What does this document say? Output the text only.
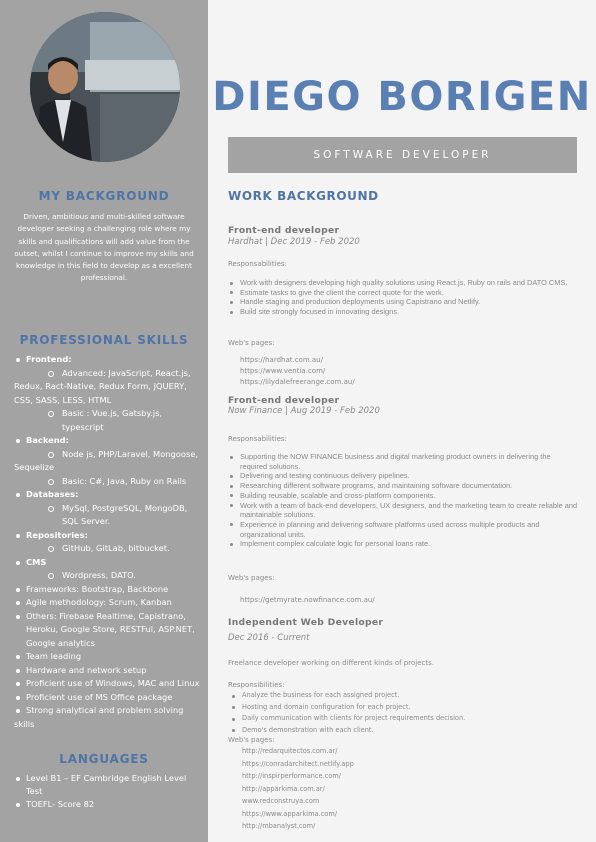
MY BACKGROUND
Driven, ambitious and multi-skilled software developer seeking a challenging role where my skills and qualifications will add value from the outset, whilst I continue to improve my skills and knowledge in this field to develop as a excellent professional.
PROFESSIONAL SKILLS
Frontend:
Advanced: JavaScript, React.js, Redux, Ract-Native, Redux Form, JQUERY, CSS, SASS, LESS, HTML
Basic : Vue.js, Gatsby.js, typescript
Backend:
Node js, PHP/Laravel, Mongoose, Sequelize
Basic: C#, Java, Ruby on Rails
Databases:
MySql, PostgreSQL, MongoDB, SQL Server.
Repositories:
GitHub, GitLab, bitbucket.
CMS
Wordpress, DATO.
Frameworks: Bootstrap, Backbone
Agile methodology: Scrum, Kanban
Others: Firebase Realtime, Capistrano, Heroku, Google Store, RESTFul, ASP.NET, Google analytics
Team leading
Hardware and network setup
Proficient use of Windows, MAC and Linux
Proficient use of MS Office package
Strong analytical and problem solving skills
LANGUAGES
Level B1 – EF Cambridge English Level Test
TOEFL- Score 82
DIEGO BORIGEN
SOFTWARE DEVELOPER
WORK BACKGROUND
Front-end developer
Hardhat | Dec 2019 - Feb 2020
Responsabilities:
Work with designers developing high quality solutions using React.js, Ruby on rails and DATO CMS.
Estimate tasks to give the client the correct quote for the work.
Handle staging and production deployments using Capistrano and Netlify.
Build site strongly focused in innovating designs.
Web's pages:
https://hardhat.com.au/
https://www.ventia.com/
https://lilydalefreerange.com.au/
Front-end developer
Now Finance | Aug 2019 - Feb 2020
Responsabilities:
Supporting the NOW FINANCE business and digital marketing product owners in delivering the required solutions.
Delivering and testing continuous delivery pipelines.
Researching different software programs, and maintaining software documentation.
Building reusable, scalable and cross-platform components.
Work with a team of back-end developers, UX designers, and the marketing team to create reliable and maintainable solutions.
Experience in planning and delivering software platforms used across multiple products and organizational units.
Implement complex calculate logic for personal loans rate.
Web's pages:
https://getmyrate.nowfinance.com.au/
Independent Web Developer
Dec 2016 - Current
Freelance developer working on different kinds of projects.
Responsibilities:
Analyze the business for each assigned project.
Hosting and domain configuration for each project.
Daily communication with clients for project requirements decision.
Demo's demonstration with each client.
Web's pages:
http://redarquitectos.com.ar/
https://conradarchitect.netlify.app
http://inspirperformance.com/
http://apparkima.com.ar/
www.redconstruya.com
https://www.apparkima.com/
http://mbanalyst.com/
